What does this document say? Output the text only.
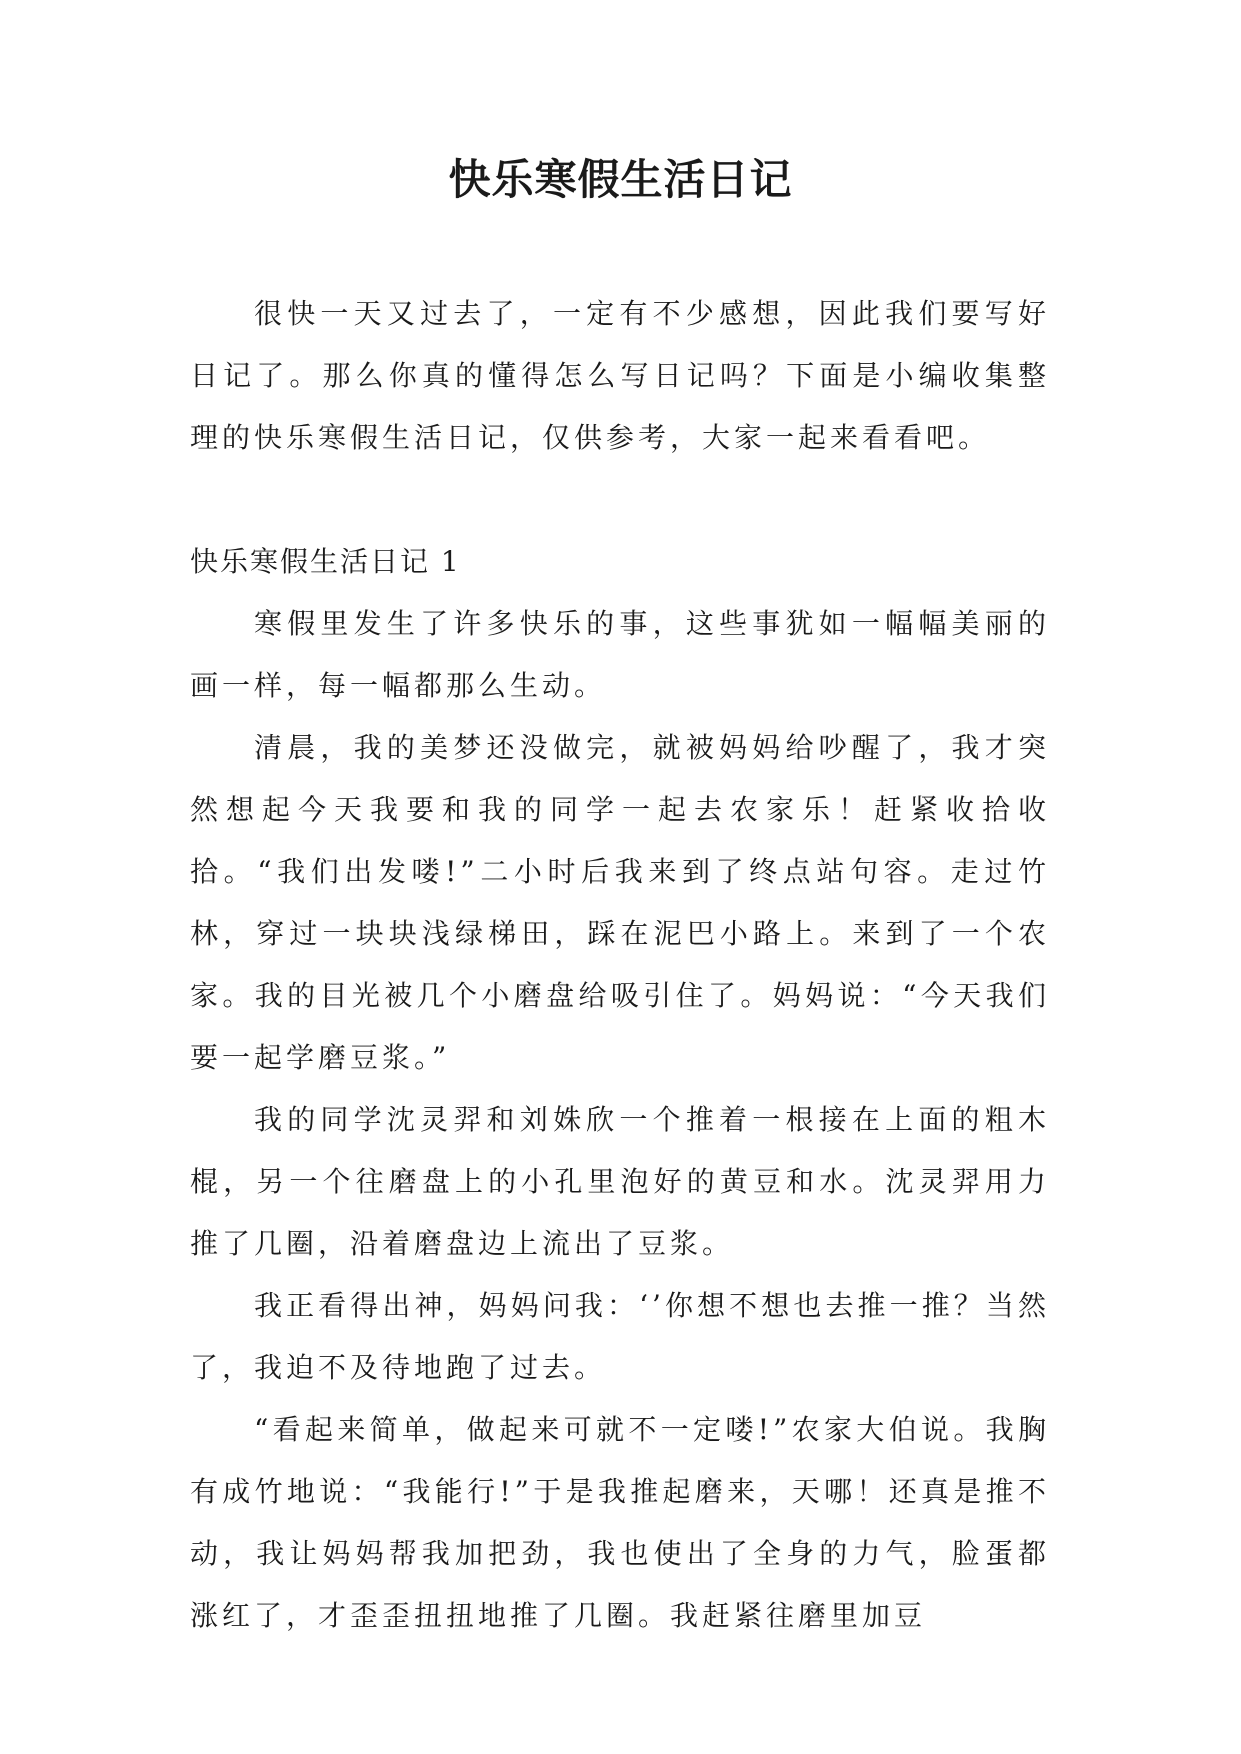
快乐寒假生活日记

很快一天又过去了，一定有不少感想，因此我们要写好日记了。那么你真的懂得怎么写日记吗？下面是小编收集整理的快乐寒假生活日记，仅供参考，大家一起来看看吧。

快乐寒假生活日记 1

寒假里发生了许多快乐的事，这些事犹如一幅幅美丽的画一样，每一幅都那么生动。

清晨，我的美梦还没做完，就被妈妈给吵醒了，我才突然想起今天我要和我的同学一起去农家乐！赶紧收拾收拾。“我们出发喽!”二小时后我来到了终点站句容。走过竹林，穿过一块块浅绿梯田，踩在泥巴小路上。来到了一个农家。我的目光被几个小磨盘给吸引住了。妈妈说：“今天我们要一起学磨豆浆。”

我的同学沈灵羿和刘姝欣一个推着一根接在上面的粗木棍，另一个往磨盘上的小孔里泡好的黄豆和水。沈灵羿用力推了几圈，沿着磨盘边上流出了豆浆。

我正看得出神，妈妈问我：‘’你想不想也去推一推？当然了，我迫不及待地跑了过去。

“看起来简单，做起来可就不一定喽!”农家大伯说。我胸有成竹地说：“我能行!”于是我推起磨来，天哪！还真是推不动，我让妈妈帮我加把劲，我也使出了全身的力气，脸蛋都涨红了，才歪歪扭扭地推了几圈。我赶紧往磨里加豆
